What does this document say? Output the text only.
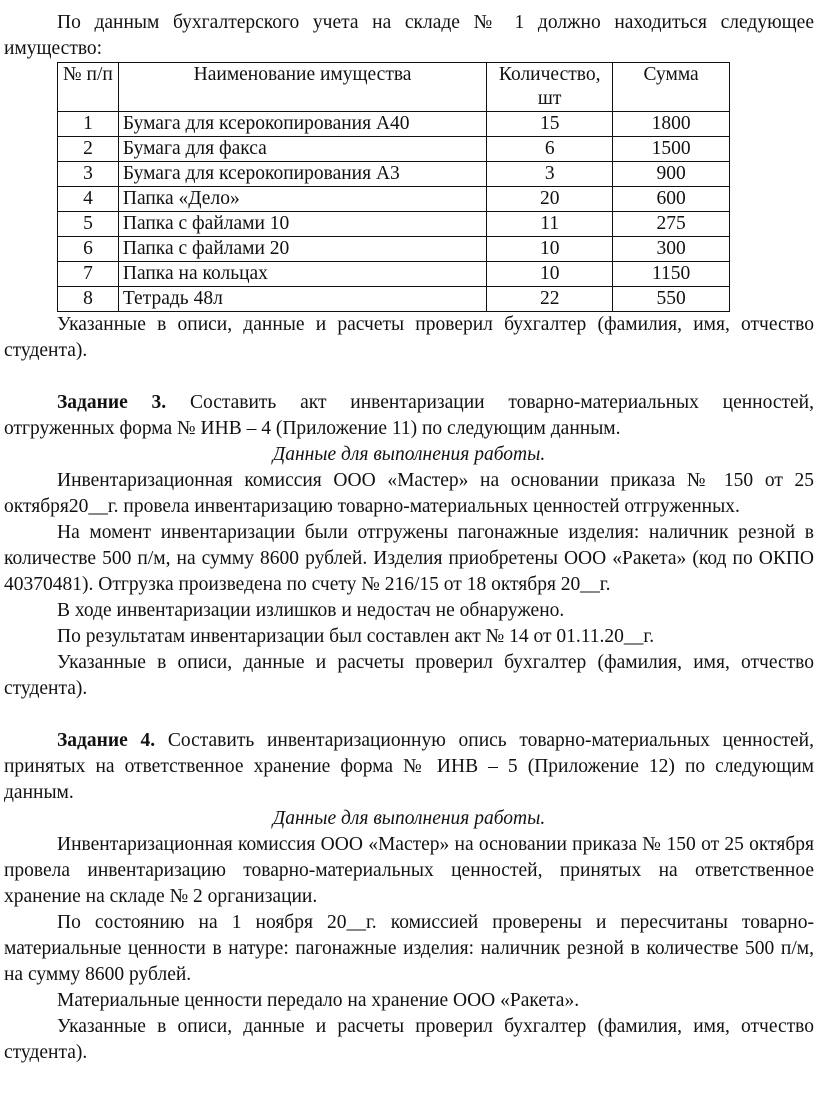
По данным бухгалтерского учета на складе № 1 должно находиться следующее имущество:

№ п/п	Наименование имущества	Количество, шт	Сумма
1	Бумага для ксерокопирования А40	15	1800
2	Бумага для факса	6	1500
3	Бумага для ксерокопирования А3	3	900
4	Папка «Дело»	20	600
5	Папка с файлами 10	11	275
6	Папка с файлами 20	10	300
7	Папка на кольцах	10	1150
8	Тетрадь 48л	22	550

Указанные в описи, данные и расчеты проверил бухгалтер (фамилия, имя, отчество студента).

Задание 3. Составить акт инвентаризации товарно-материальных ценностей, отгруженных форма № ИНВ – 4 (Приложение 11) по следующим данным.

Данные для выполнения работы.

Инвентаризационная комиссия ООО «Мастер» на основании приказа № 150 от 25 октября20__г. провела инвентаризацию товарно-материальных ценностей отгруженных.

На момент инвентаризации были отгружены пагонажные изделия: наличник резной в количестве 500 п/м, на сумму 8600 рублей. Изделия приобретены ООО «Ракета» (код по ОКПО 40370481). Отгрузка произведена по счету № 216/15 от 18 октября 20__г.

В ходе инвентаризации излишков и недостач не обнаружено.

По результатам инвентаризации был составлен акт № 14 от 01.11.20__г.

Указанные в описи, данные и расчеты проверил бухгалтер (фамилия, имя, отчество студента).

Задание 4. Составить инвентаризационную опись товарно-материальных ценностей, принятых на ответственное хранение форма № ИНВ – 5 (Приложение 12) по следующим данным.

Данные для выполнения работы.

Инвентаризационная комиссия ООО «Мастер» на основании приказа № 150 от 25 октября провела инвентаризацию товарно-материальных ценностей, принятых на ответственное хранение на складе № 2 организации.

По состоянию на 1 ноября 20__г. комиссией проверены и пересчитаны товарно-материальные ценности в натуре: пагонажные изделия: наличник резной в количестве 500 п/м, на сумму 8600 рублей.

Материальные ценности передало на хранение ООО «Ракета».

Указанные в описи, данные и расчеты проверил бухгалтер (фамилия, имя, отчество студента).
